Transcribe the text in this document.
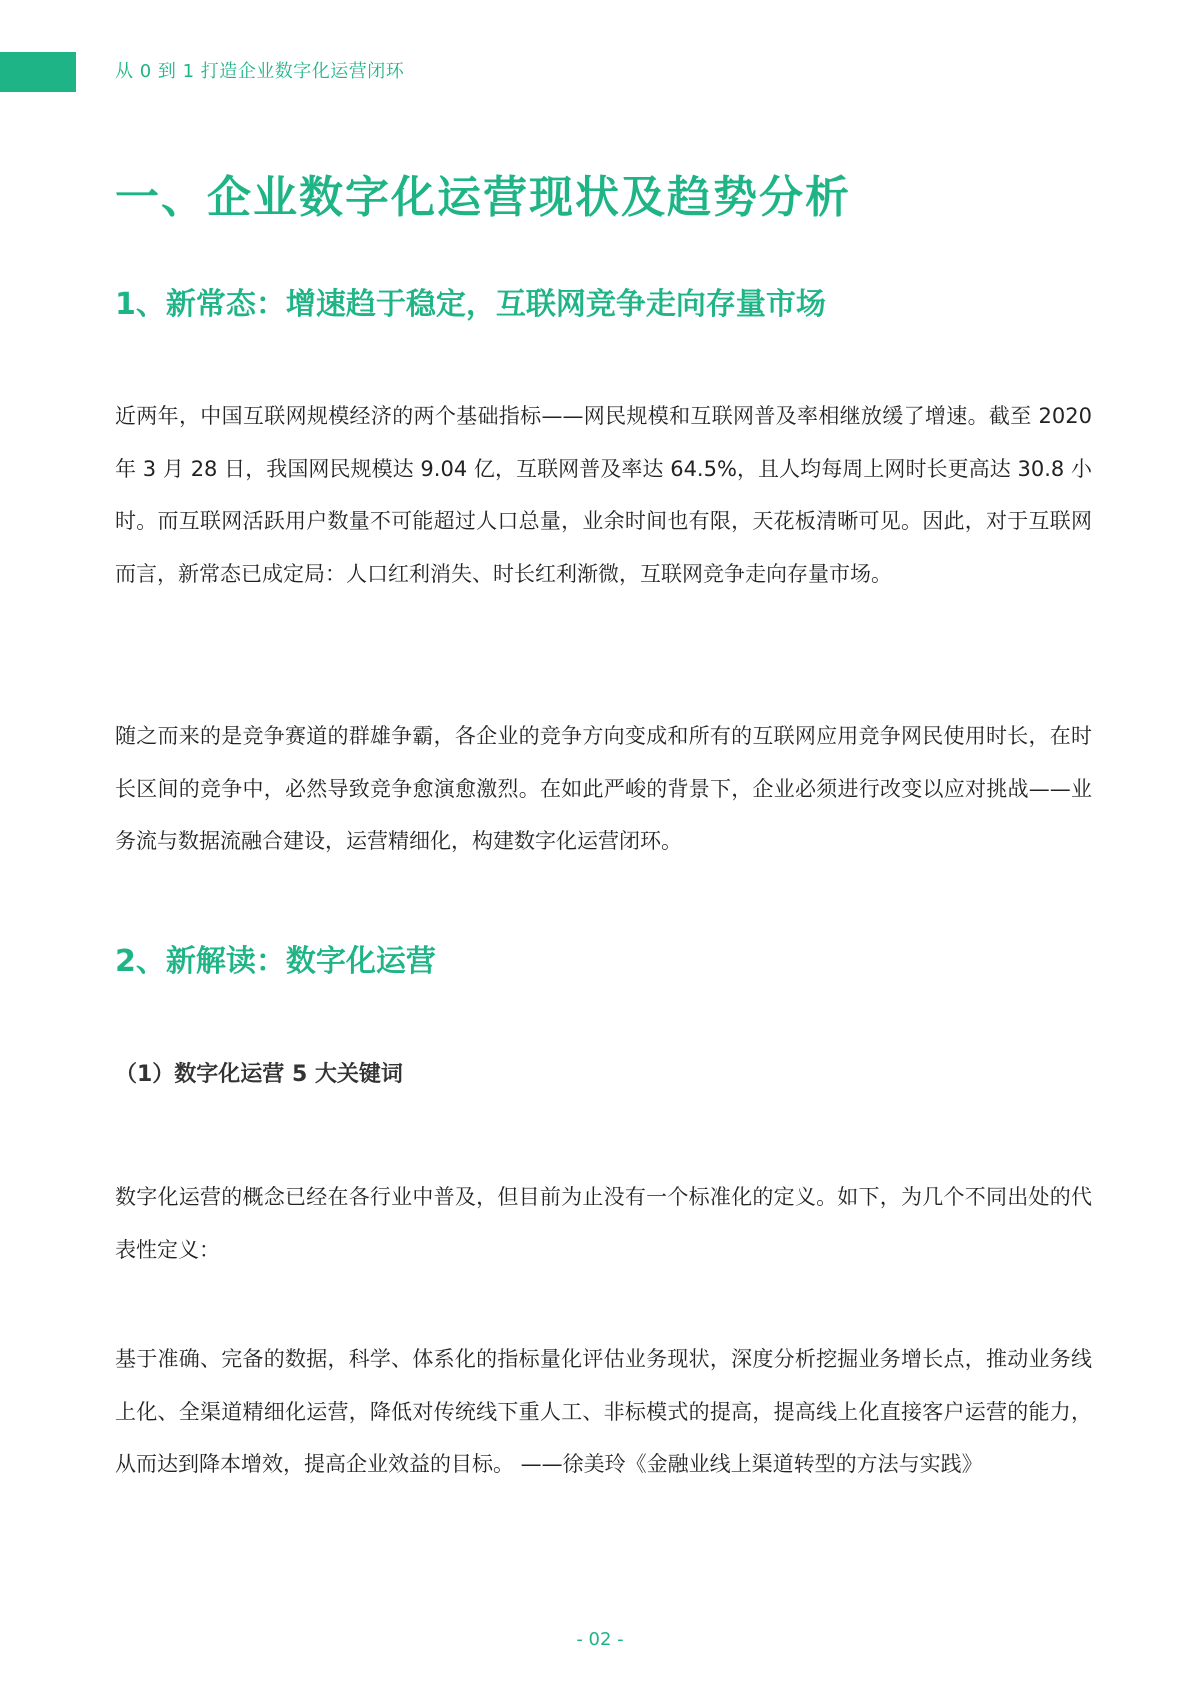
从 0 到 1 打造企业数字化运营闭环
一、企业数字化运营现状及趋势分析
1、新常态：增速趋于稳定，互联网竞争走向存量市场

近两年，中国互联网规模经济的两个基础指标——网民规模和互联网普及率相继放缓了增速。截至 2020 年 3 月 28 日，我国网民规模达 9.04 亿，互联网普及率达 64.5%，且人均每周上网时长更高达 30.8 小时。而互联网活跃用户数量不可能超过人口总量，业余时间也有限，天花板清晰可见。因此，对于互联网而言，新常态已成定局：人口红利消失、时长红利渐微，互联网竞争走向存量市场。

随之而来的是竞争赛道的群雄争霸，各企业的竞争方向变成和所有的互联网应用竞争网民使用时长，在时长区间的竞争中，必然导致竞争愈演愈激烈。在如此严峻的背景下，企业必须进行改变以应对挑战——业务流与数据流融合建设，运营精细化，构建数字化运营闭环。

2、新解读：数字化运营
（1）数字化运营 5 大关键词

数字化运营的概念已经在各行业中普及，但目前为止没有一个标准化的定义。如下，为几个不同出处的代表性定义：

基于准确、完备的数据，科学、体系化的指标量化评估业务现状，深度分析挖掘业务增长点，推动业务线上化、全渠道精细化运营，降低对传统线下重人工、非标模式的提高，提高线上化直接客户运营的能力，从而达到降本增效，提高企业效益的目标。 ——徐美玲《金融业线上渠道转型的方法与实践》

- 02 -
